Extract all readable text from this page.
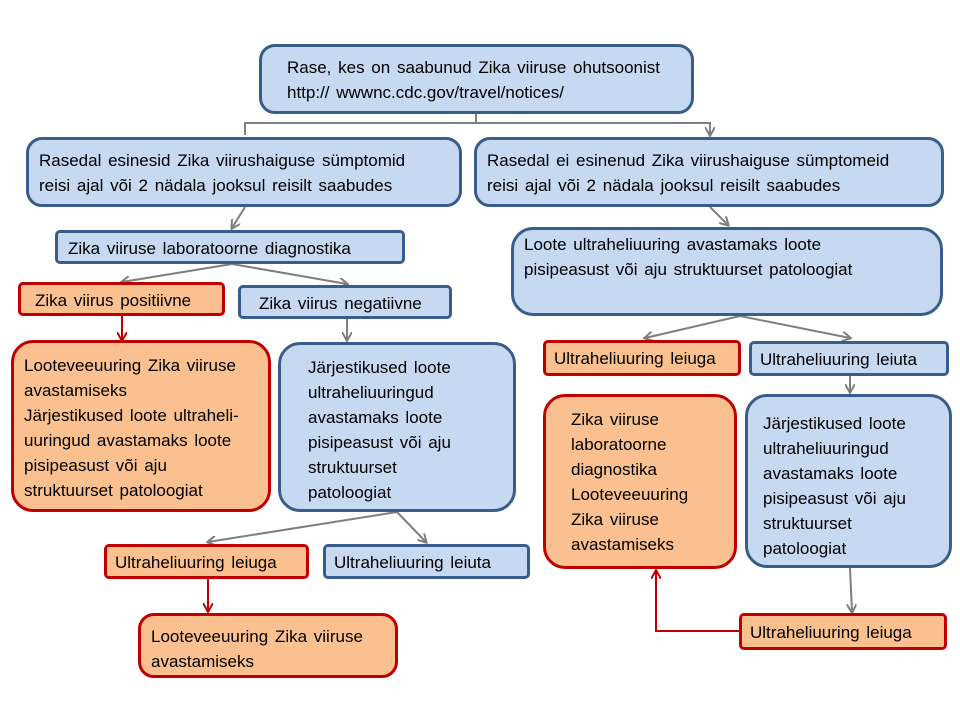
Rase, kes on saabunud Zika viiruse ohutsoonist
http:// wwwnc.cdc.gov/travel/notices/
Rasedal esinesid Zika viirushaiguse sümptomid
reisi ajal või 2 nädala jooksul reisilt saabudes
Rasedal ei esinenud Zika viirushaiguse sümptomeid
reisi ajal või 2 nädala jooksul reisilt saabudes
Zika viiruse laboratoorne diagnostika
Zika viirus positiivne	Zika viirus negatiivne
Looteveeuuring Zika viiruse
avastamiseks
Järjestikused loote ultraheli-
uuringud avastamaks loote
pisipeasust või aju
struktuurset patoloogiat
Järjestikused loote
ultraheliuuringud
avastamaks loote
pisipeasust või aju
struktuurset
patoloogiat
Ultraheliuuring leiuga	Ultraheliuuring leiuta
Looteveeuuring Zika viiruse
avastamiseks
Loote ultraheliuuring avastamaks loote
pisipeasust või aju struktuurset patoloogiat
Ultraheliuuring leiuga	Ultraheliuuring leiuta
Zika viiruse
laboratoorne
diagnostika
Looteveeuuring
Zika viiruse
avastamiseks
Järjestikused loote
ultraheliuuringud
avastamaks loote
pisipeasust või aju
struktuurset
patoloogiat
Ultraheliuuring leiuga
